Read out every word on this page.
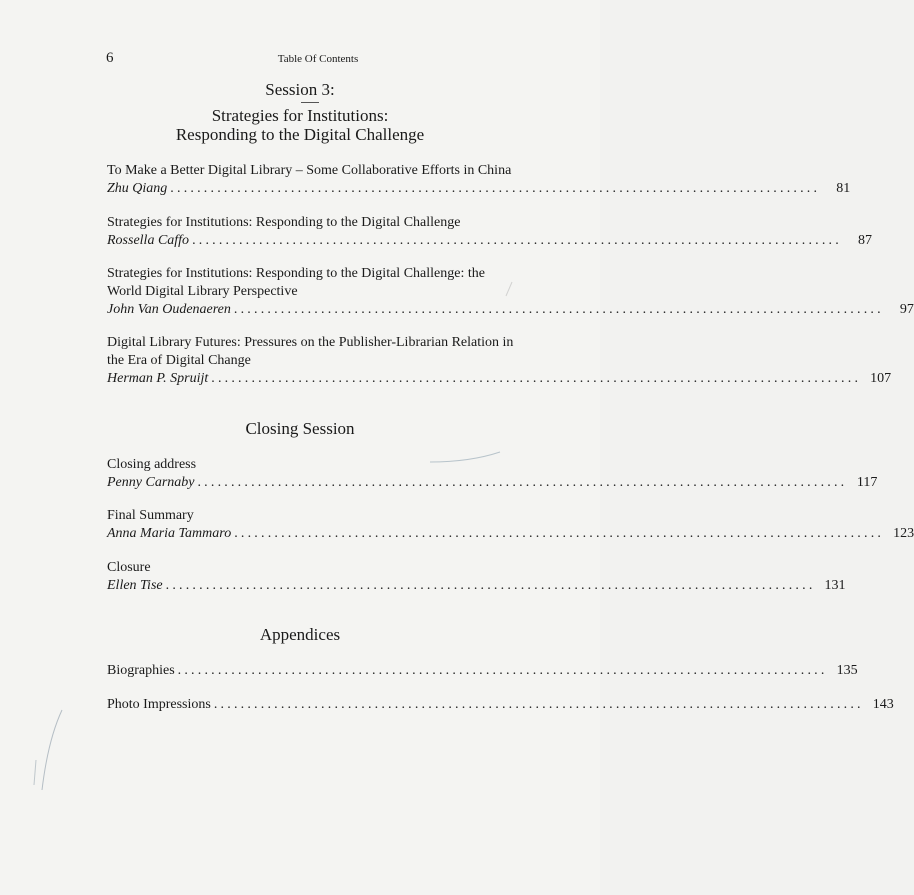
6	Table Of Contents
Session 3:
Strategies for Institutions:
Responding to the Digital Challenge
To Make a Better Digital Library – Some Collaborative Efforts in China
Zhu Qiang .................................................................................................	81
Strategies for Institutions: Responding to the Digital Challenge
Rossella Caffo .................................................................................................	87
Strategies for Institutions: Responding to the Digital Challenge: the
World Digital Library Perspective
John Van Oudenaeren .................................................................................................	97
Digital Library Futures: Pressures on the Publisher-Librarian Relation in
the Era of Digital Change
Herman P. Spruijt ................................................................................................. 107
Closing Session
Closing address
Penny Carnaby ................................................................................................. 117
Final Summary
Anna Maria Tammaro ................................................................................................. 123
Closure
Ellen Tise ................................................................................................. 131
Appendices
Biographies ................................................................................................. 135
Photo Impressions ................................................................................................. 143
